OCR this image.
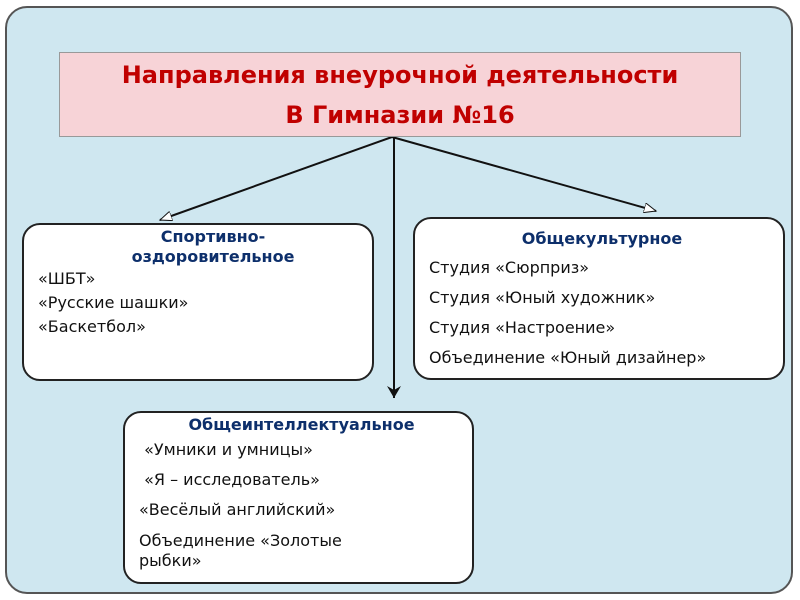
Направления внеурочной деятельности
В Гимназии №16
Спортивно-оздоровительное
«ШБТ»
«Русские шашки»
«Баскетбол»
Общекультурное
Студия «Сюрприз»
Студия «Юный художник»
Студия «Настроение»
Объединение «Юный дизайнер»
Общеинтеллектуальное
«Умники и умницы»
«Я – исследователь»
«Весёлый английский»
Объединение «Золотые рыбки»
